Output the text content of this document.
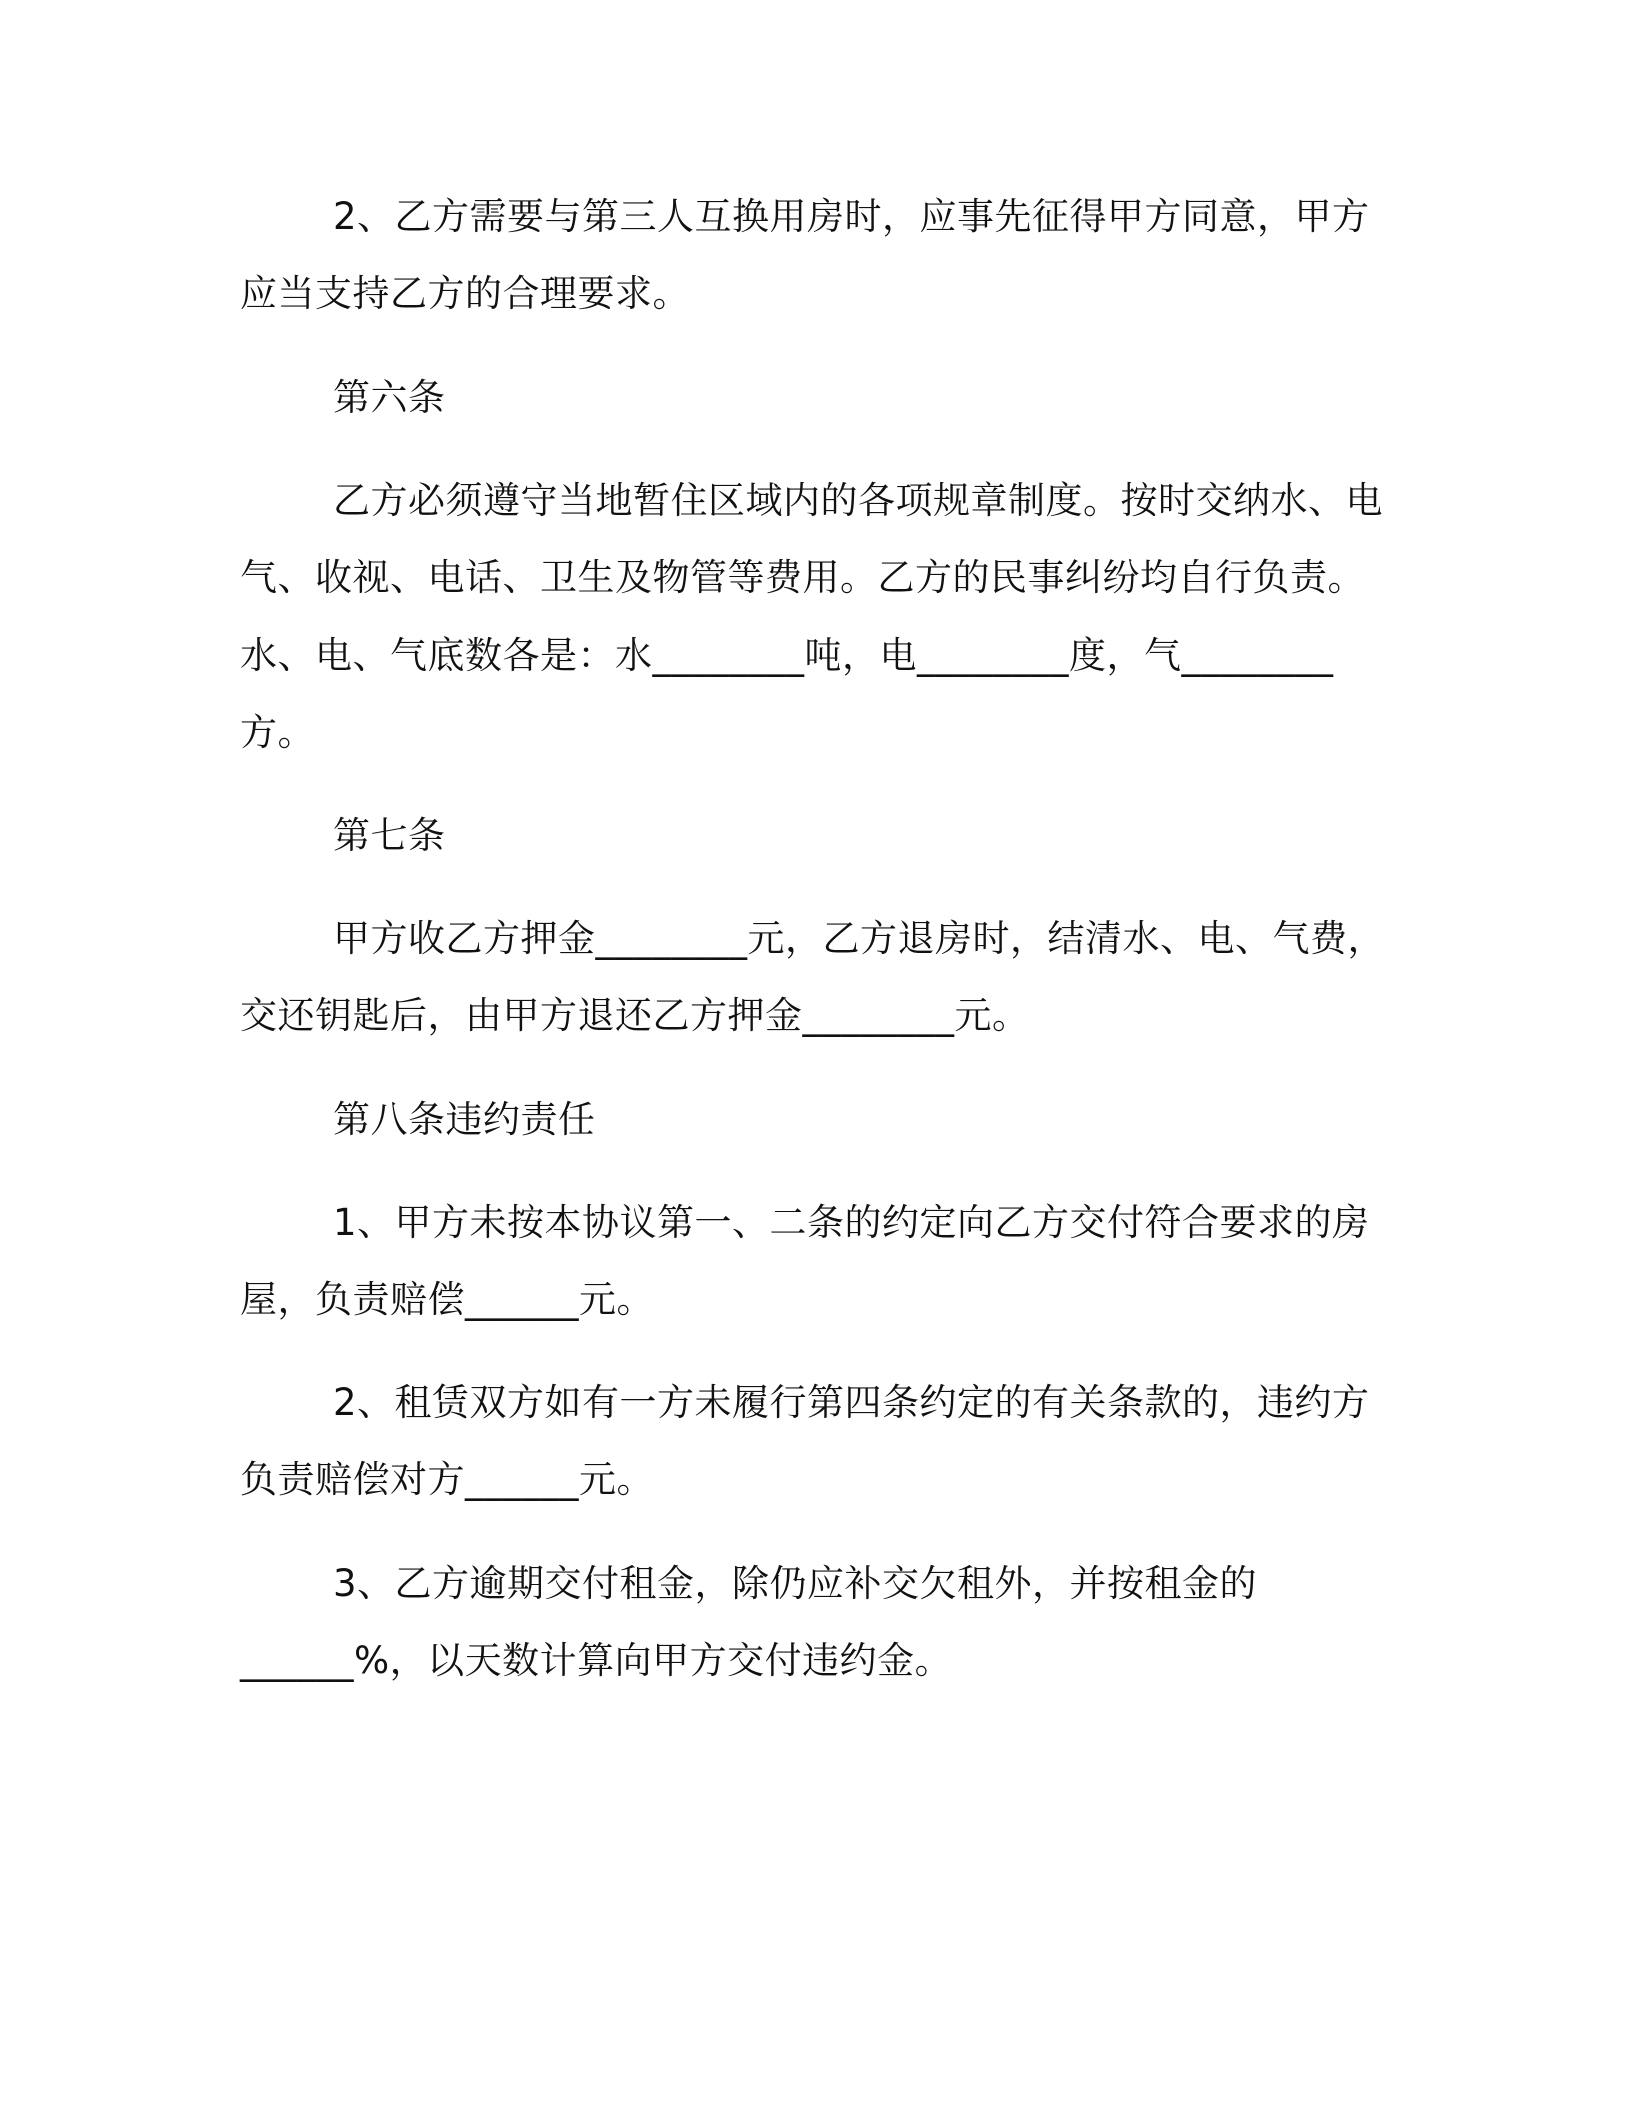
2、乙方需要与第三人互换用房时，应事先征得甲方同意，甲方
应当支持乙方的合理要求。
第六条
乙方必须遵守当地暂住区域内的各项规章制度。按时交纳水、电
气、收视、电话、卫生及物管等费用。乙方的民事纠纷均自行负责。
水、电、气底数各是：水________吨，电________度，气________
方。
第七条
甲方收乙方押金________元，乙方退房时，结清水、电、气费，
交还钥匙后，由甲方退还乙方押金________元。
第八条违约责任
1、甲方未按本协议第一、二条的约定向乙方交付符合要求的房
屋，负责赔偿______元。
2、租赁双方如有一方未履行第四条约定的有关条款的，违约方
负责赔偿对方______元。
3、乙方逾期交付租金，除仍应补交欠租外，并按租金的
______%，以天数计算向甲方交付违约金。
